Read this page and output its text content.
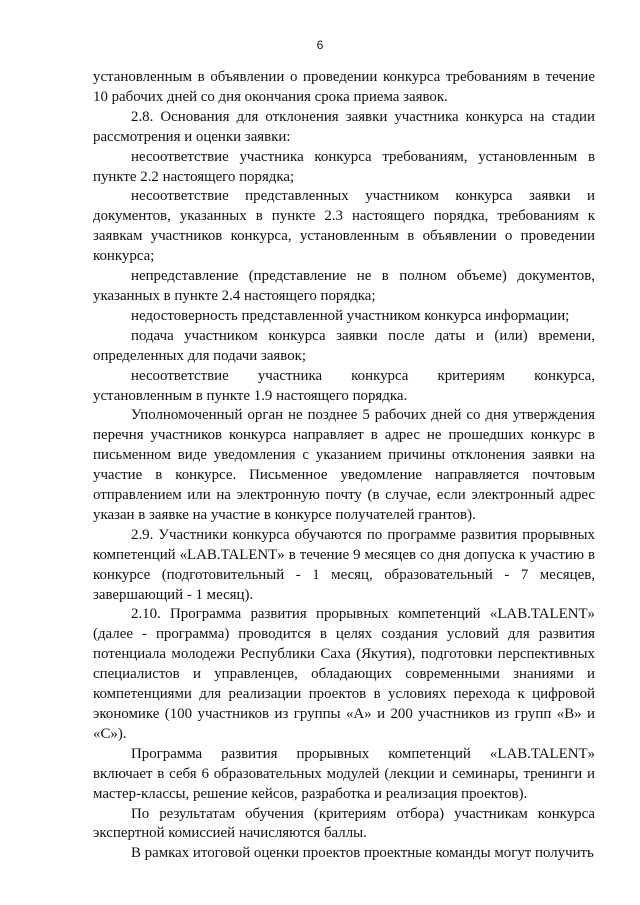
6

установленным в объявлении о проведении конкурса требованиям в течение 10 рабочих дней со дня окончания срока приема заявок.

2.8. Основания для отклонения заявки участника конкурса на стадии рассмотрения и оценки заявки:

несоответствие участника конкурса требованиям, установленным в пункте 2.2 настоящего порядка;

несоответствие представленных участником конкурса заявки и документов, указанных в пункте 2.3 настоящего порядка, требованиям к заявкам участников конкурса, установленным в объявлении о проведении конкурса;

непредставление (представление не в полном объеме) документов, указанных в пункте 2.4 настоящего порядка;

недостоверность представленной участником конкурса информации;

подача участником конкурса заявки после даты и (или) времени, определенных для подачи заявок;

несоответствие участника конкурса критериям конкурса, установленным в пункте 1.9 настоящего порядка.

Уполномоченный орган не позднее 5 рабочих дней со дня утверждения перечня участников конкурса направляет в адрес не прошедших конкурс в письменном виде уведомления с указанием причины отклонения заявки на участие в конкурсе. Письменное уведомление направляется почтовым отправлением или на электронную почту (в случае, если электронный адрес указан в заявке на участие в конкурсе получателей грантов).

2.9. Участники конкурса обучаются по программе развития прорывных компетенций «LAB.TALENT» в течение 9 месяцев со дня допуска к участию в конкурсе (подготовительный - 1 месяц, образовательный - 7 месяцев, завершающий - 1 месяц).

2.10. Программа развития прорывных компетенций «LAB.TALENT» (далее - программа) проводится в целях создания условий для развития потенциала молодежи Республики Саха (Якутия), подготовки перспективных специалистов и управленцев, обладающих современными знаниями и компетенциями для реализации проектов в условиях перехода к цифровой экономике (100 участников из группы «А» и 200 участников из групп «В» и «С»).

Программа развития прорывных компетенций «LAB.TALENT» включает в себя 6 образовательных модулей (лекции и семинары, тренинги и мастер-классы, решение кейсов, разработка и реализация проектов).

По результатам обучения (критериям отбора) участникам конкурса экспертной комиссией начисляются баллы.

В рамках итоговой оценки проектов проектные команды могут получить
